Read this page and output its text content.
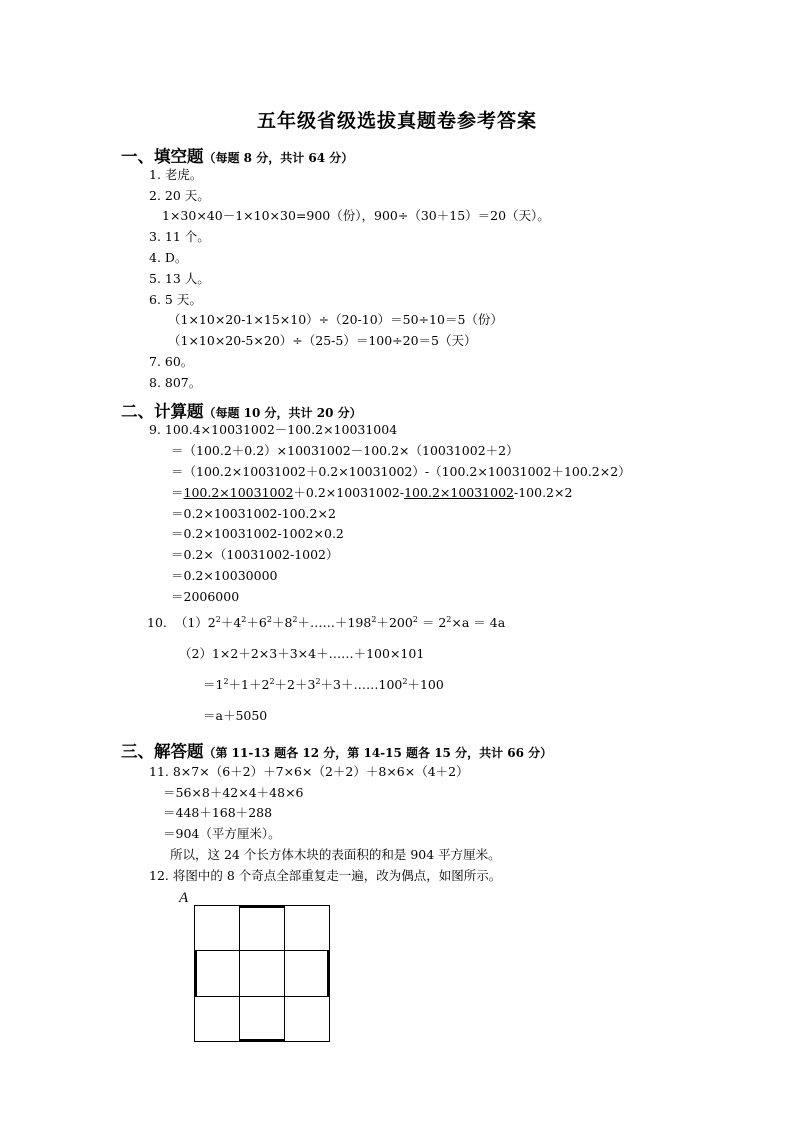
五年级省级选拔真题卷参考答案
一、填空题（每题 8 分，共计 64 分）
1. 老虎。
2. 20 天。
1×30×40－1×10×30=900（份），900÷（30＋15）＝20（天）。
3. 11 个。
4. D。
5. 13 人。
6. 5 天。
（1×10×20-1×15×10）÷（20-10）＝50÷10＝5（份）
（1×10×20-5×20）÷（25-5）＝100÷20＝5（天）
7. 60。
8. 807。
二、计算题（每题 10 分，共计 20 分）
9. 100.4×10031002－100.2×10031004
＝（100.2＋0.2）×10031002－100.2×（10031002＋2）
＝（100.2×10031002＋0.2×10031002）-（100.2×10031002＋100.2×2）
＝100.2×10031002＋0.2×10031002-100.2×10031002-100.2×2
＝0.2×10031002-100.2×2
＝0.2×10031002-1002×0.2
＝0.2×（10031002-1002）
＝0.2×10030000
＝2006000
10. $(1)2^2+4^2+6^2+8^2+\dots\dots+198^2+200^2 = 2^2\times a = 4a$
（2）1×2＋2×3＋3×4＋……＋100×101
$=1^2+1+2^2+2+3^2+3+\dots\dots 100^2+100$
＝a＋5050
三、解答题（第 11-13 题各 12 分，第 14-15 题各 15 分，共计 66 分）
11. 8×7×（6＋2）＋7×6×（2＋2）＋8×6×（4＋2）
＝56×8＋42×4＋48×6
＝448＋168＋288
＝904（平方厘米）。
所以，这 24 个长方体木块的表面积的和是 904 平方厘米。
12. 将图中的 8 个奇点全部重复走一遍，改为偶点，如图所示。
A
